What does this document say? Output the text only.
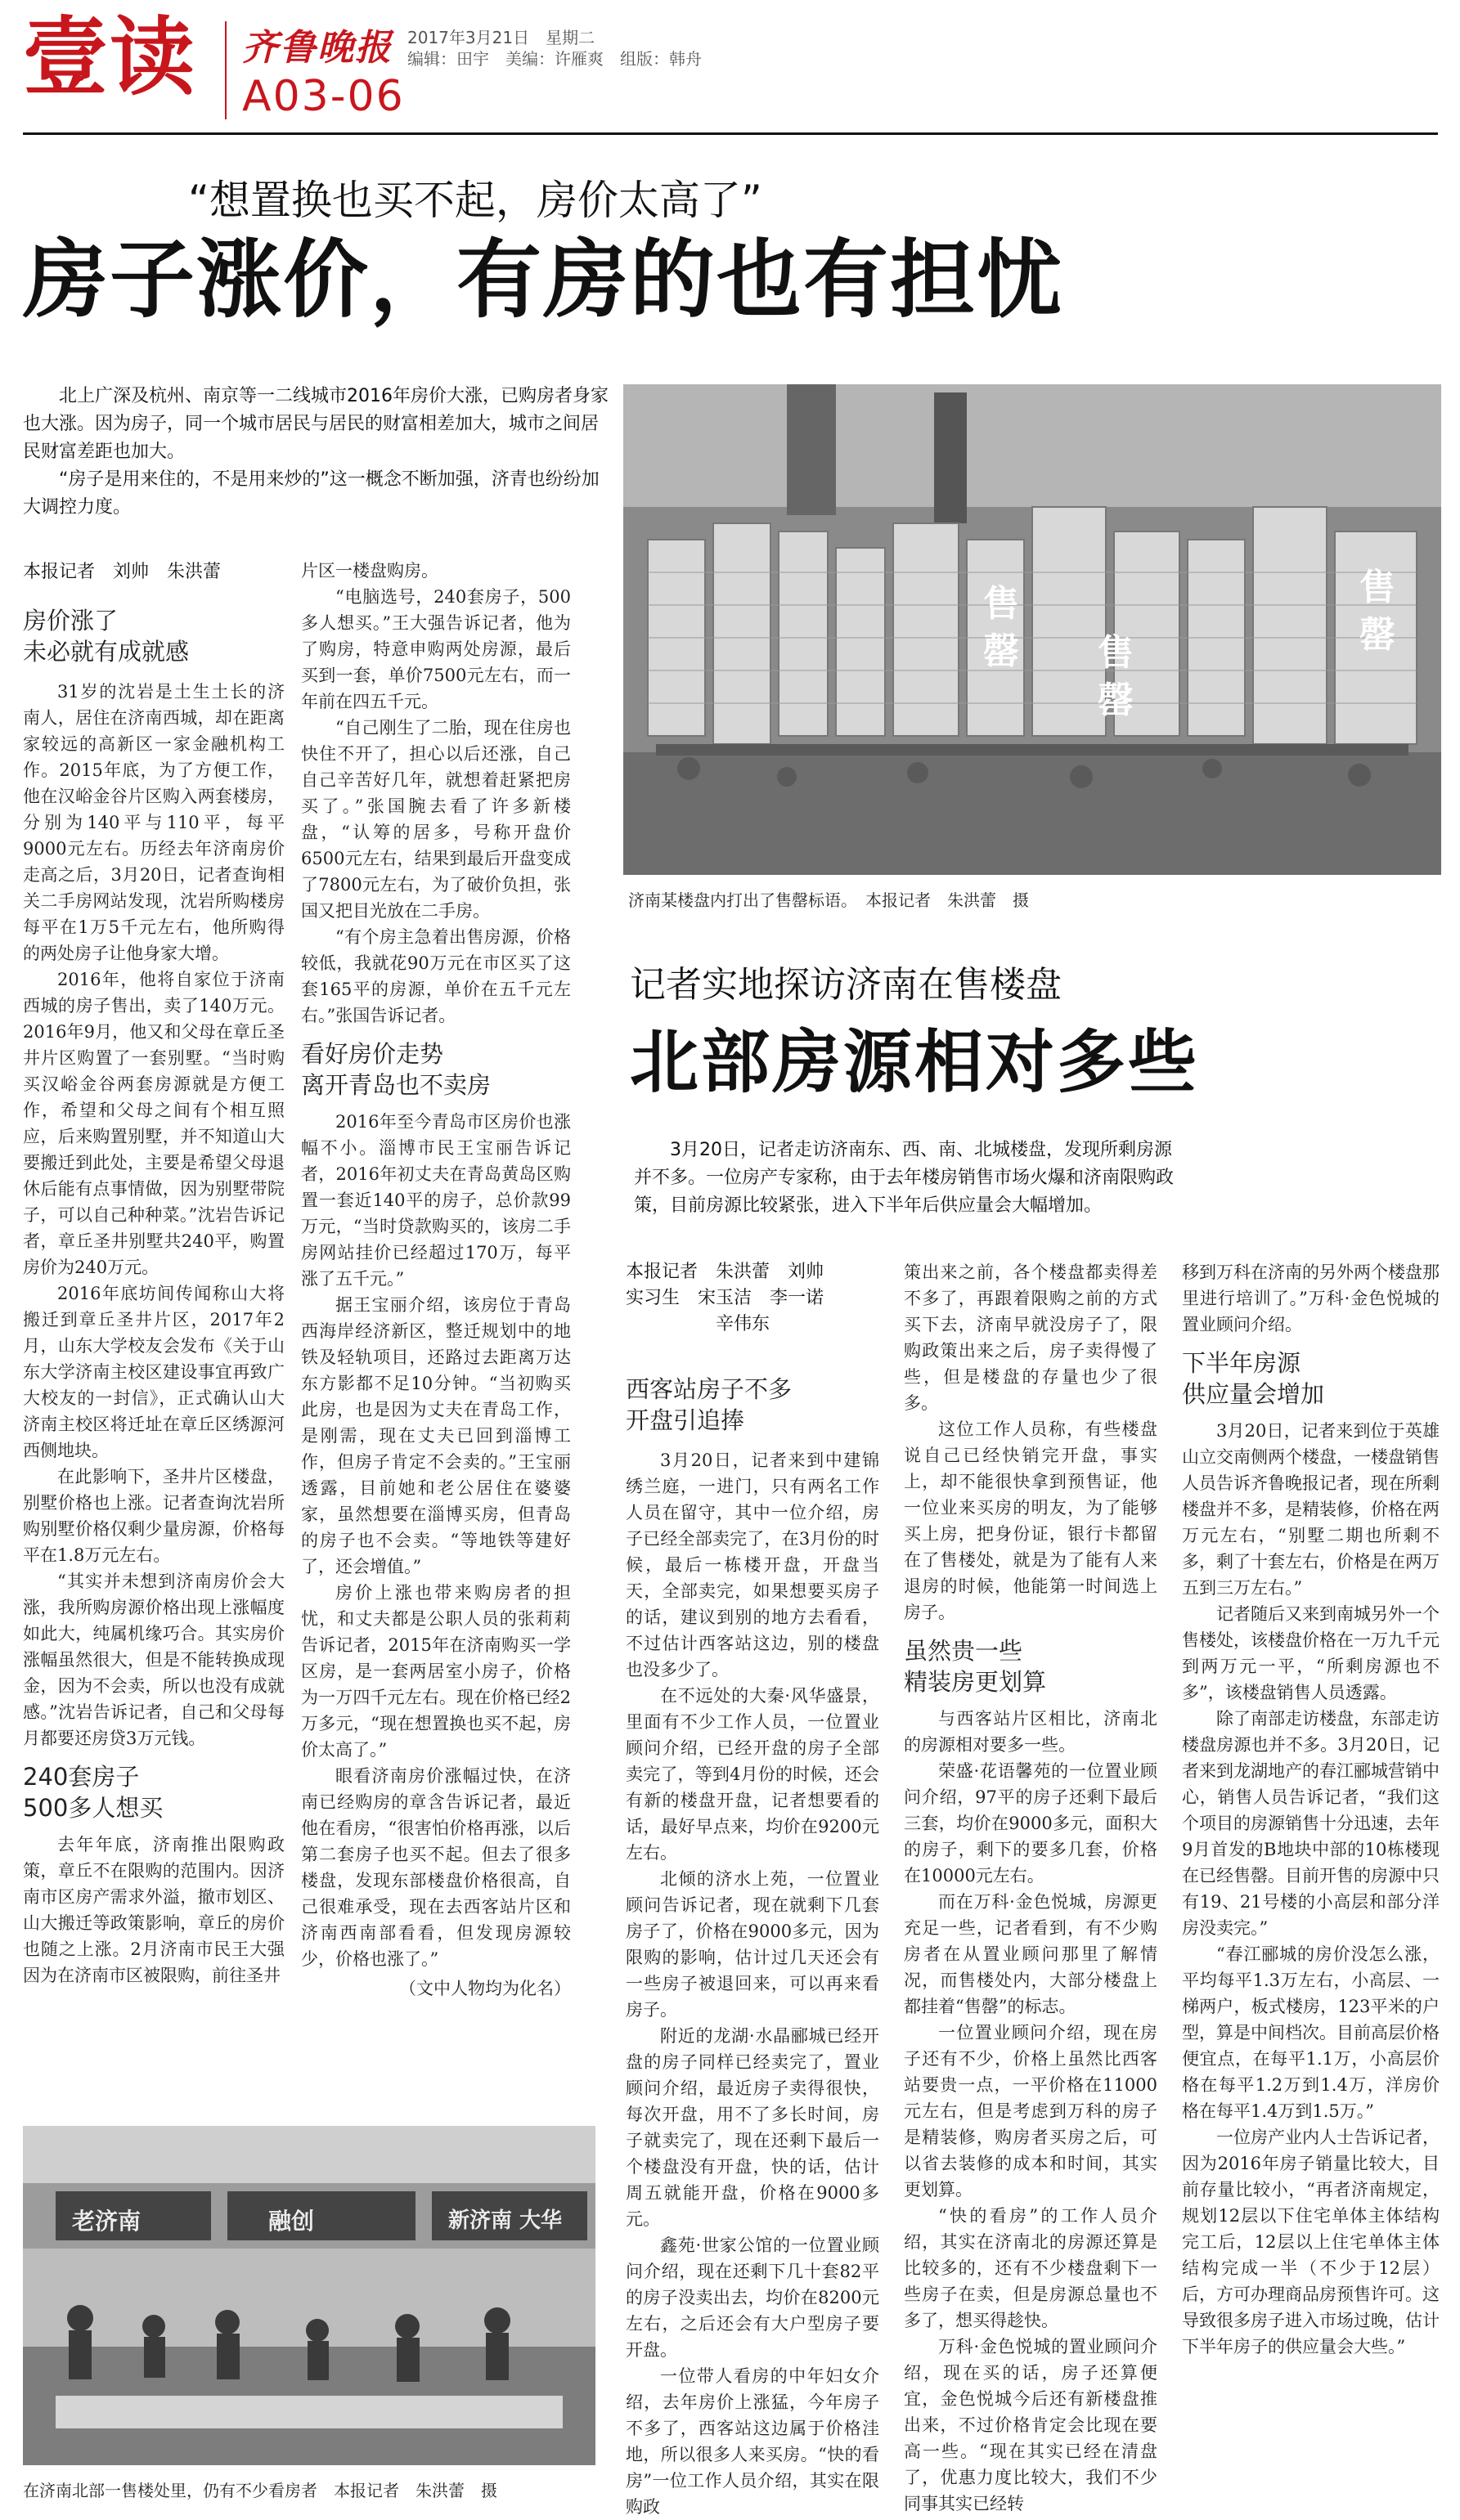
壹读 齐鲁晚报
A03-06
2017年3月21日　星期二
编辑：田宇　美编：许雁爽　组版：韩舟
“想置换也买不起，房价太高了”
房子涨价，有房的也有担忧

北上广深及杭州、南京等一二线城市2016年房价大涨，已购房者身家也大涨。因为房子，同一个城市居民与居民的财富相差加大，城市之间居民财富差距也加大。

“房子是用来住的，不是用来炒的”这一概念不断加强，济青也纷纷加大调控力度。

本报记者　刘帅　朱洪蕾
售
罄 售
罄
售
罄
济南某楼盘内打出了售罄标语。　本报记者　朱洪蕾　摄
房价涨了
未必就有成就感

31岁的沈岩是土生土长的济南人，居住在济南西城，却在距离家较远的高新区一家金融机构工作。2015年底，为了方便工作，他在汉峪金谷片区购入两套楼房，分别为140平与110平，每平9000元左右。历经去年济南房价走高之后，3月20日，记者查询相关二手房网站发现，沈岩所购楼房每平在1万5千元左右，他所购得的两处房子让他身家大增。

2016年，他将自家位于济南西城的房子售出，卖了140万元。2016年9月，他又和父母在章丘圣井片区购置了一套别墅。“当时购买汉峪金谷两套房源就是方便工作，希望和父母之间有个相互照应，后来购置别墅，并不知道山大要搬迁到此处，主要是希望父母退休后能有点事情做，因为别墅带院子，可以自己种种菜。”沈岩告诉记者，章丘圣井别墅共240平，购置房价为240万元。

2016年底坊间传闻称山大将搬迁到章丘圣井片区，2017年2月，山东大学校友会发布《关于山东大学济南主校区建设事宜再致广大校友的一封信》，正式确认山大济南主校区将迁址在章丘区绣源河西侧地块。

在此影响下，圣井片区楼盘，别墅价格也上涨。记者查询沈岩所购别墅价格仅剩少量房源，价格每平在1.8万元左右。

“其实并未想到济南房价会大涨，我所购房源价格出现上涨幅度如此大，纯属机缘巧合。其实房价涨幅虽然很大，但是不能转换成现金，因为不会卖，所以也没有成就感。”沈岩告诉记者，自己和父母每月都要还房贷3万元钱。

240套房子
500多人想买

去年年底，济南推出限购政策，章丘不在限购的范围内。因济南市区房产需求外溢，撤市划区、山大搬迁等政策影响，章丘的房价也随之上涨。2月济南市民王大强因为在济南市区被限购，前往圣井

片区一楼盘购房。

“电脑选号，240套房子，500多人想买。”王大强告诉记者，他为了购房，特意申购两处房源，最后买到一套，单价7500元左右，而一年前在四五千元。

“自己刚生了二胎，现在住房也快住不开了，担心以后还涨，自己自己辛苦好几年，就想着赶紧把房买了。”张国腕去看了许多新楼盘，“认筹的居多，号称开盘价6500元左右，结果到最后开盘变成了7800元左右，为了破价负担，张国又把目光放在二手房。

“有个房主急着出售房源，价格较低，我就花90万元在市区买了这套165平的房源，单价在五千元左右。”张国告诉记者。

看好房价走势
离开青岛也不卖房

2016年至今青岛市区房价也涨幅不小。淄博市民王宝丽告诉记者，2016年初丈夫在青岛黄岛区购置一套近140平的房子，总价款99万元，“当时贷款购买的，该房二手房网站挂价已经超过170万，每平涨了五千元。”

据王宝丽介绍，该房位于青岛西海岸经济新区，整迁规划中的地铁及轻轨项目，还路过去距离万达东方影都不足10分钟。“当初购买此房，也是因为丈夫在青岛工作，是刚需，现在丈夫已回到淄博工作，但房子肯定不会卖的。”王宝丽透露，目前她和老公居住在婆婆家，虽然想要在淄博买房，但青岛的房子也不会卖。“等地铁等建好了，还会增值。”

房价上涨也带来购房者的担忧，和丈夫都是公职人员的张莉莉告诉记者，2015年在济南购买一学区房，是一套两居室小房子，价格为一万四千元左右。现在价格已经2万多元，“现在想置换也买不起，房价太高了。”

眼看济南房价涨幅过快，在济南已经购房的章含告诉记者，最近他在看房，“很害怕价格再涨，以后第二套房子也买不起。但去了很多楼盘，发现东部楼盘价格很高，自己很难承受，现在去西客站片区和济南西南部看看，但发现房源较少，价格也涨了。”

（文中人物均为化名）

老济南	融创	新济南 大华
在济南北部一售楼处里，仍有不少看房者　本报记者　朱洪蕾　摄
记者实地探访济南在售楼盘
北部房源相对多些

3月20日，记者走访济南东、西、南、北城楼盘，发现所剩房源并不多。一位房产专家称，由于去年楼房销售市场火爆和济南限购政策，目前房源比较紧张，进入下半年后供应量会大幅增加。

本报记者　朱洪蕾　刘帅
实习生　宋玉洁　李一诺
辛伟东
西客站房子不多
开盘引追捧

3月20日，记者来到中建锦绣兰庭，一进门，只有两名工作人员在留守，其中一位介绍，房子已经全部卖完了，在3月份的时候，最后一栋楼开盘，开盘当天，全部卖完，如果想要买房子的话，建议到别的地方去看看，不过估计西客站这边，别的楼盘也没多少了。

在不远处的大秦·风华盛景，里面有不少工作人员，一位置业顾问介绍，已经开盘的房子全部卖完了，等到4月份的时候，还会有新的楼盘开盘，记者想要看的话，最好早点来，均价在9200元左右。

北倾的济水上苑，一位置业顾问告诉记者，现在就剩下几套房子了，价格在9000多元，因为限购的影响，估计过几天还会有一些房子被退回来，可以再来看房子。

附近的龙湖·水晶郦城已经开盘的房子同样已经卖完了，置业顾问介绍，最近房子卖得很快，每次开盘，用不了多长时间，房子就卖完了，现在还剩下最后一个楼盘没有开盘，快的话，估计周五就能开盘，价格在9000多元。

鑫苑·世家公馆的一位置业顾问介绍，现在还剩下几十套82平的房子没卖出去，均价在8200元左右，之后还会有大户型房子要开盘。

一位带人看房的中年妇女介绍，去年房价上涨猛，今年房子不多了，西客站这边属于价格洼地，所以很多人来买房。“快的看房”一位工作人员介绍，其实在限购政

策出来之前，各个楼盘都卖得差不多了，再跟着限购之前的方式买下去，济南早就没房子了，限购政策出来之后，房子卖得慢了些，但是楼盘的存量也少了很多。

这位工作人员称，有些楼盘说自己已经快销完开盘，事实上，却不能很快拿到预售证，他一位业来买房的明友，为了能够买上房，把身份证，银行卡都留在了售楼处，就是为了能有人来退房的时候，他能第一时间选上房子。

虽然贵一些
精装房更划算

与西客站片区相比，济南北的房源相对要多一些。

荣盛·花语馨苑的一位置业顾问介绍，97平的房子还剩下最后三套，均价在9000多元，面积大的房子，剩下的要多几套，价格在10000元左右。

而在万科·金色悦城，房源更充足一些，记者看到，有不少购房者在从置业顾问那里了解情况，而售楼处内，大部分楼盘上都挂着“售罄”的标志。

一位置业顾问介绍，现在房子还有不少，价格上虽然比西客站要贵一点，一平价格在11000元左右，但是考虑到万科的房子是精装修，购房者买房之后，可以省去装修的成本和时间，其实更划算。

“快的看房”的工作人员介绍，其实在济南北的房源还算是比较多的，还有不少楼盘剩下一些房子在卖，但是房源总量也不多了，想买得趁快。

万科·金色悦城的置业顾问介绍，现在买的话，房子还算便宜，金色悦城今后还有新楼盘推出来，不过价格肯定会比现在要高一些。“现在其实已经在清盘了，优惠力度比较大，我们不少同事其实已经转

移到万科在济南的另外两个楼盘那里进行培训了。”万科·金色悦城的置业顾问介绍。

下半年房源
供应量会增加

3月20日，记者来到位于英雄山立交南侧两个楼盘，一楼盘销售人员告诉齐鲁晚报记者，现在所剩楼盘并不多，是精装修，价格在两万元左右，“别墅二期也所剩不多，剩了十套左右，价格是在两万五到三万左右。”

记者随后又来到南城另外一个售楼处，该楼盘价格在一万九千元到两万元一平，“所剩房源也不多”，该楼盘销售人员透露。

除了南部走访楼盘，东部走访楼盘房源也并不多。3月20日，记者来到龙湖地产的春江郦城营销中心，销售人员告诉记者，“我们这个项目的房源销售十分迅速，去年9月首发的B地块中部的10栋楼现在已经售罄。目前开售的房源中只有19、21号楼的小高层和部分洋房没卖完。”

“春江郦城的房价没怎么涨，平均每平1.3万左右，小高层、一梯两户，板式楼房，123平米的户型，算是中间档次。目前高层价格便宜点，在每平1.1万，小高层价格在每平1.2万到1.4万，洋房价格在每平1.4万到1.5万。”

一位房产业内人士告诉记者，因为2016年房子销量比较大，目前存量比较小，“再者济南规定，规划12层以下住宅单体主体结构完工后，12层以上住宅单体主体结构完成一半（不少于12层）后，方可办理商品房预售许可。这导致很多房子进入市场过晚，估计下半年房子的供应量会大些。”
